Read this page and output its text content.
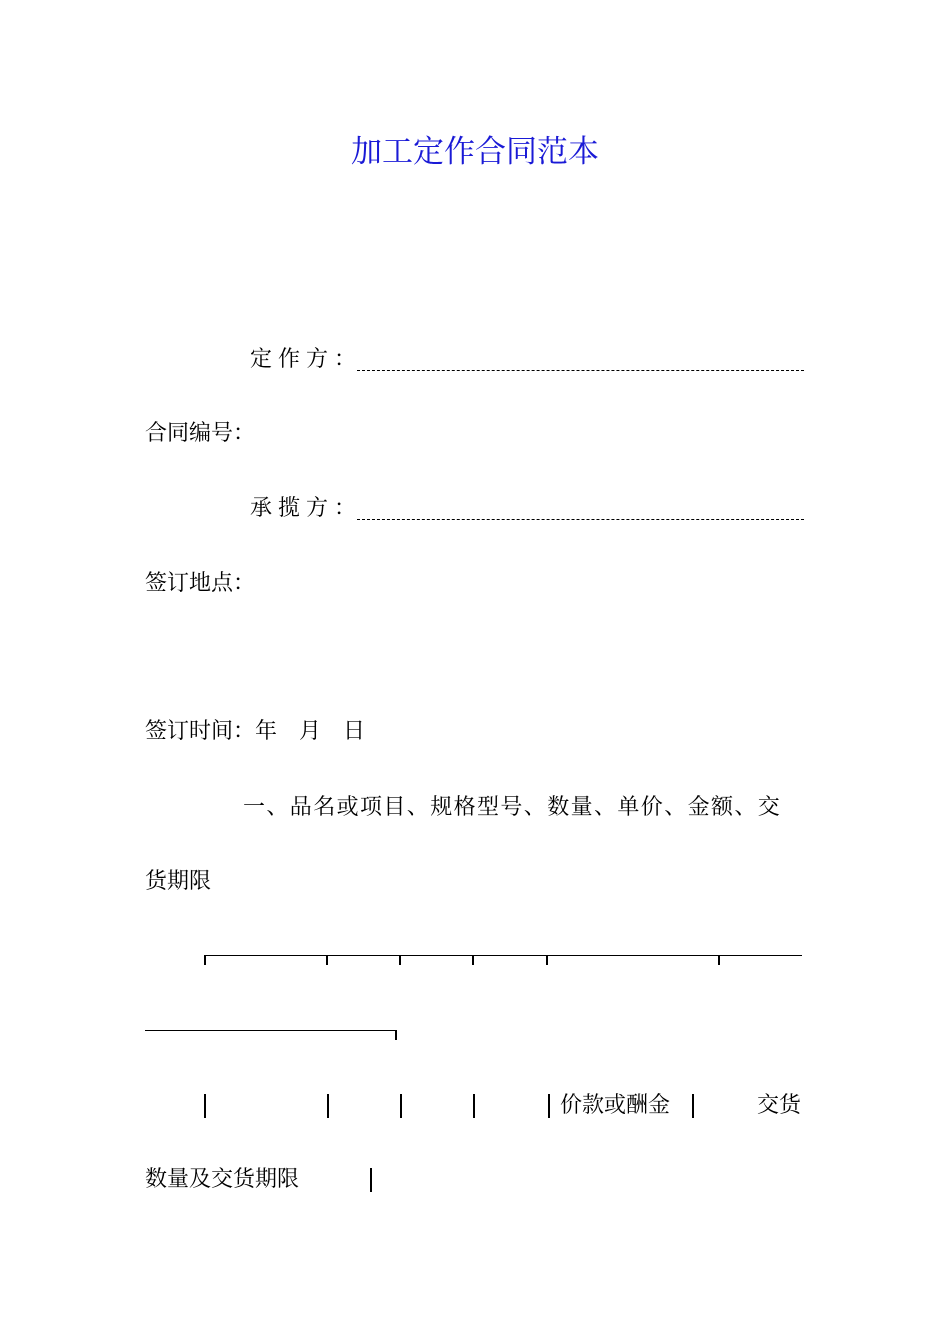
加工定作合同范本
定作方：
合同编号：
承揽方：
签订地点：
签订时间：年　月　日
一、品名或项目、规格型号、数量、单价、金额、交
货期限
价款或酬金	交货
数量及交货期限
